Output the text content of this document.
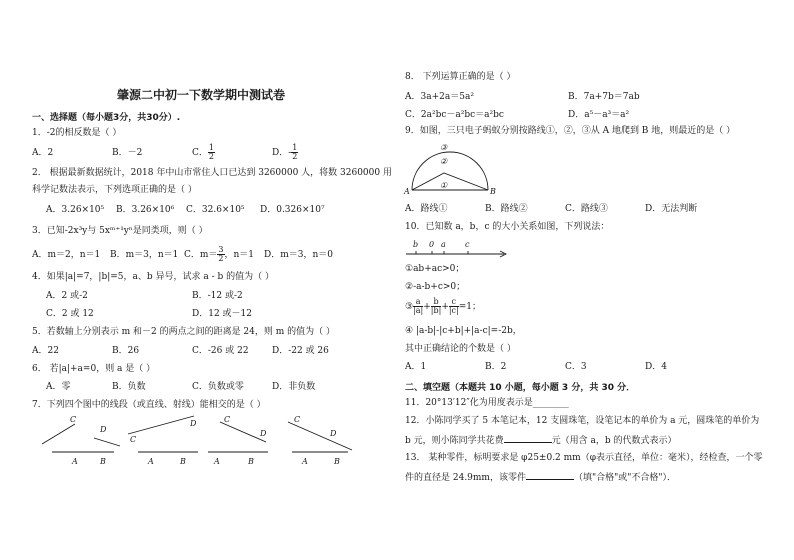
肇源二中初一下数学期中测试卷
一、选择题（每小题3分，共30分）.
1．-2的相反数是（ ）
A．2	B．－2	C． $\frac{1}{2}$	D．- $\frac{1}{2}$
2． 根据最新数据统计，2018 年中山市常住人口已达到 3260000 人，将数 3260000 用
科学记数法表示，下列选项正确的是（ ）
A．3.26×10⁵ B．3.26×10⁶ C．32.6×10⁵ D．0.326×10⁷
3．已知-2x³y与 5xᵐ⁺¹yⁿ是同类项，则（ ）
A．m＝2，n＝1 B．m＝3，n＝1 C．$m= \frac{3}{2}$ ，n＝1 D．m＝3，n＝0
4．如果|a|=7，|b|=5，a、b 异号，试求 a - b 的值为（ ）
A．2 或-2	B．-12 或-2
C．2 或 12	D．12 或－12
5．若数轴上分别表示 m 和－2 的两点之间的距离是 24，则 m 的值为（ ）
A．22	B．26	C．-26 或 22	D．-22 或 26
6． 若|a|+a=0，则 a 是（ ）
A．零	B．负数	C．负数或零	D．非负数
7．下列四个图中的线段（或直线、射线）能相交的是（ ）
A	B
C
D
A	B
C
D
A	B
C
D
A	B
C
D
8． 下列运算正确的是（ ）
A．3a+2a＝5a²	B．7a+7b＝7ab
C．2a²bc－a²bc＝a²bc	D．a⁵－a³＝a²
9．如图，三只电子蚂蚁分别按路线①，②，③从 A 地爬到 B 地，则最近的是（ ）
A	B
③
②
①
A．路线①	B．路线②	C．路线③	D．无法判断
10．已知数 a，b，c 的大小关系如图，下列说法：
b 0 a c
①ab+ac>0；
②-a-b+c>0；
③ $\frac{a}{|a|} + \frac{b}{|b|} + \frac{c}{|c|} =1$；
④ |a-b|-|c+b|+|a-c|=-2b，
其中正确结论的个数是（ ）
A．1	B．2	C．3	D．4
二、填空题（本题共 10 小题，每小题 3 分，共 30 分．
11．20°13′12″化为用度表示是________
12．小陈同学买了 5 本笔记本，12 支圆珠笔，设笔记本的单价为 a 元，圆珠笔的单价为
b 元，则小陈同学共花费	元（用含 a，b 的代数式表示）
13． 某种零件，标明要求是 φ25±0.2 mm（φ表示直径，单位：毫米），经检查，一个零
件的直径是 24.9mm，该零件	（填"合格"或"不合格"）．
